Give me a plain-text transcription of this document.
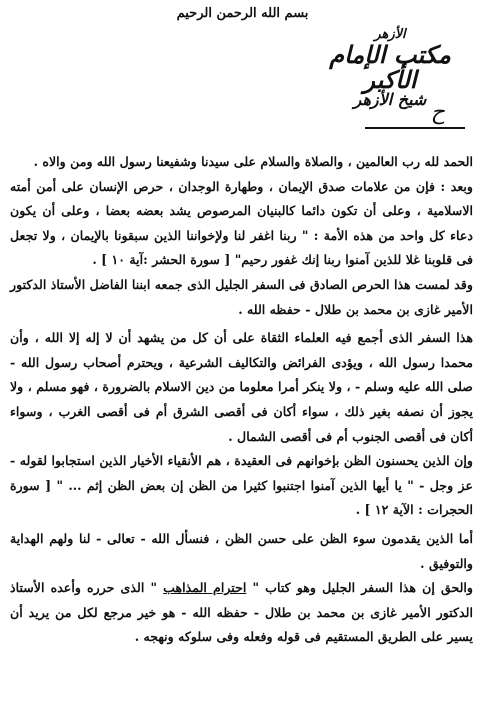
بسم الله الرحمن الرحيم
الأزهر
مكتب الإمام الأكبر
شيخ الأزهر
ح

الحمد لله رب العالمين ، والصلاة والسلام على سيدنا وشفيعنا رسول الله ومن والاه .

وبعد : فإن من علامات صدق الإيمان ، وطهارة الوجدان ، حرص الإنسان على أمن أمته الاسلامية ، وعلى أن تكون دائما كالبنيان المرصوص يشد بعضه بعضا ، وعلى أن يكون دعاء كل واحد من هذه الأمة : " ربنا اغفر لنا ولإخواننا الذين سبقونا بالإيمان ، ولا تجعل فى قلوبنا غلا للذين آمنوا ربنا إنك غفور رحيم" [ سورة الحشر :آية ١٠ ] .

وقد لمست هذا الحرص الصادق فى السفر الجليل الذى جمعه ابننا الفاضل الأستاذ الدكتور الأمير غازى بن محمد بن طلال - حفظه الله .

هذا السفر الذى أجمع فيه العلماء الثقاة على أن كل من يشهد أن لا إله إلا الله ، وأن محمدا رسول الله ، ويؤدى الفرائض والتكاليف الشرعية ، ويحترم أصحاب رسول الله - صلى الله عليه وسلم - ، ولا ينكر أمرا معلوما من دين الاسلام بالضرورة ، فهو مسلم ، ولا يجوز أن نصفه بغير ذلك ، سواء أكان فى أقصى الشرق أم فى أقصى الغرب ، وسواء أكان فى أقصى الجنوب أم فى أقصى الشمال .

وإن الذين يحسنون الظن بإخوانهم فى العقيدة ، هم الأنقياء الأخيار الذين استجابوا لقوله - عز وجل - " يا أيها الذين آمنوا اجتنبوا كثيرا من الظن إن بعض الظن إثم ... " [ سورة الحجرات : الآية ١٢ ] .

أما الذين يقدمون سوء الظن على حسن الظن ، فنسأل الله - تعالى - لنا ولهم الهداية والتوفيق .

والحق إن هذا السفر الجليل وهو كتاب " احترام المذاهب " الذى حرره وأعده الأستاذ الدكتور الأمير غازى بن محمد بن طلال - حفظه الله - هو خير مرجع لكل من يريد أن يسير على الطريق المستقيم فى قوله وفعله وفى سلوكه ونهجه .
